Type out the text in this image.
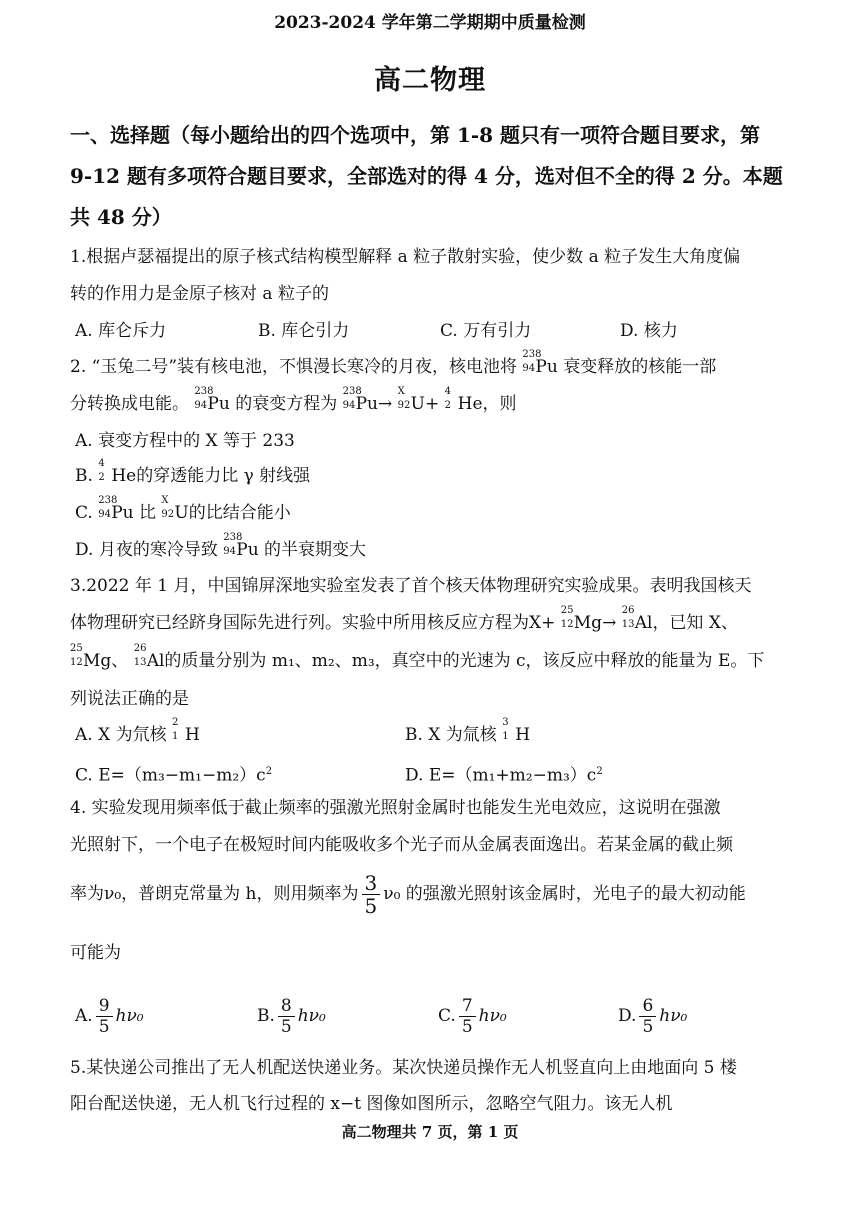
2023-2024 学年第二学期期中质量检测
高二物理
一、选择题（每小题给出的四个选项中，第 1-8 题只有一项符合题目要求，第
9-12 题有多项符合题目要求，全部选对的得 4 分，选对但不全的得 2 分。本题
共 48 分）
1.根据卢瑟福提出的原子核式结构模型解释 a 粒子散射实验，使少数 a 粒子发生大角度偏
转的作用力是金原子核对 a 粒子的
A. 库仑斥力	B. 库仑引力	C. 万有引力	D. 核力
2. “玉兔二号”装有核电池，不惧漫长寒冷的月夜，核电池将
238
94 Pu 衰变释放的核能一部
分转换成电能。
238
94 Pu 的衰变方程为
238
94 Pu→
X
92 U+
4
2 He，则
A. 衰变方程中的 X 等于 233
B.
4
2 He的穿透能力比 γ 射线强
C.
238
94 Pu 比
X
92 U的比结合能小
D. 月夜的寒冷导致
238
94 Pu 的半衰期变大
3.2022 年 1 月，中国锦屏深地实验室发表了首个核天体物理研究实验成果。表明我国核天
体物理研究已经跻身国际先进行列。实验中所用核反应方程为X+
25
12 Mg→
26
13 Al，已知 X、
25
12 Mg、
26
13 Al的质量分别为 m₁、m₂、m₃，真空中的光速为 c，该反应中释放的能量为 E。下
列说法正确的是
A. X 为氘核
2
1 H	B. X 为氚核
3
1 H
C. $E=(m_3-m_1-m_2)c^2$	D. $E=(m_1+m_2-m_3)c^2$
4. 实验发现用频率低于截止频率的强激光照射金属时也能发生光电效应，这说明在强激
光照射下，一个电子在极短时间内能吸收多个光子而从金属表面逸出。若某金属的截止频
率为ν₀，普朗克常量为 h，则用频率为 $\frac{3}{5} \nu_0$ 的强激光照射该金属时，光电子的最大初动能
可能为
A. $\frac{9}{5} h\nu_0$	B. $\frac{8}{5} h\nu_0$	C. $\frac{7}{5} h\nu_0$	D. $\frac{6}{5} h\nu_0$
5.某快递公司推出了无人机配送快递业务。某次快递员操作无人机竖直向上由地面向 5 楼
阳台配送快递，无人机飞行过程的 x−t 图像如图所示，忽略空气阻力。该无人机
高二物理共 7 页，第 1 页
